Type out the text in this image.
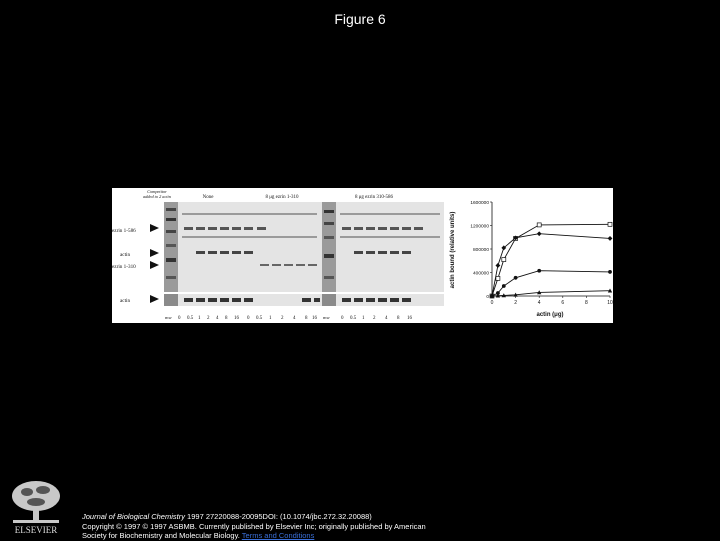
Figure 6
Competitor
added to 2 actin	None	8 μg ezrin 1-310	8 μg ezrin 310-586
ezrin 1-586
actin
ezrin 1-310
actin
mw 0 0.5 1 2 4 8 16 0 0.5 1 2 4 8 16 mw 0 0.5 1 2 4 8 16
actin bound (relative units)
actin (μg)
0	2	4	6	8	10
0
400000
800000
1200000
1600000
ELSEVIER
Journal of Biological Chemistry 1997 27220088-20095DOI: (10.1074/jbc.272.32.20088)
Copyright © 1997 © 1997 ASBMB. Currently published by Elsevier Inc; originally published by American
Society for Biochemistry and Molecular Biology. Terms and Conditions
